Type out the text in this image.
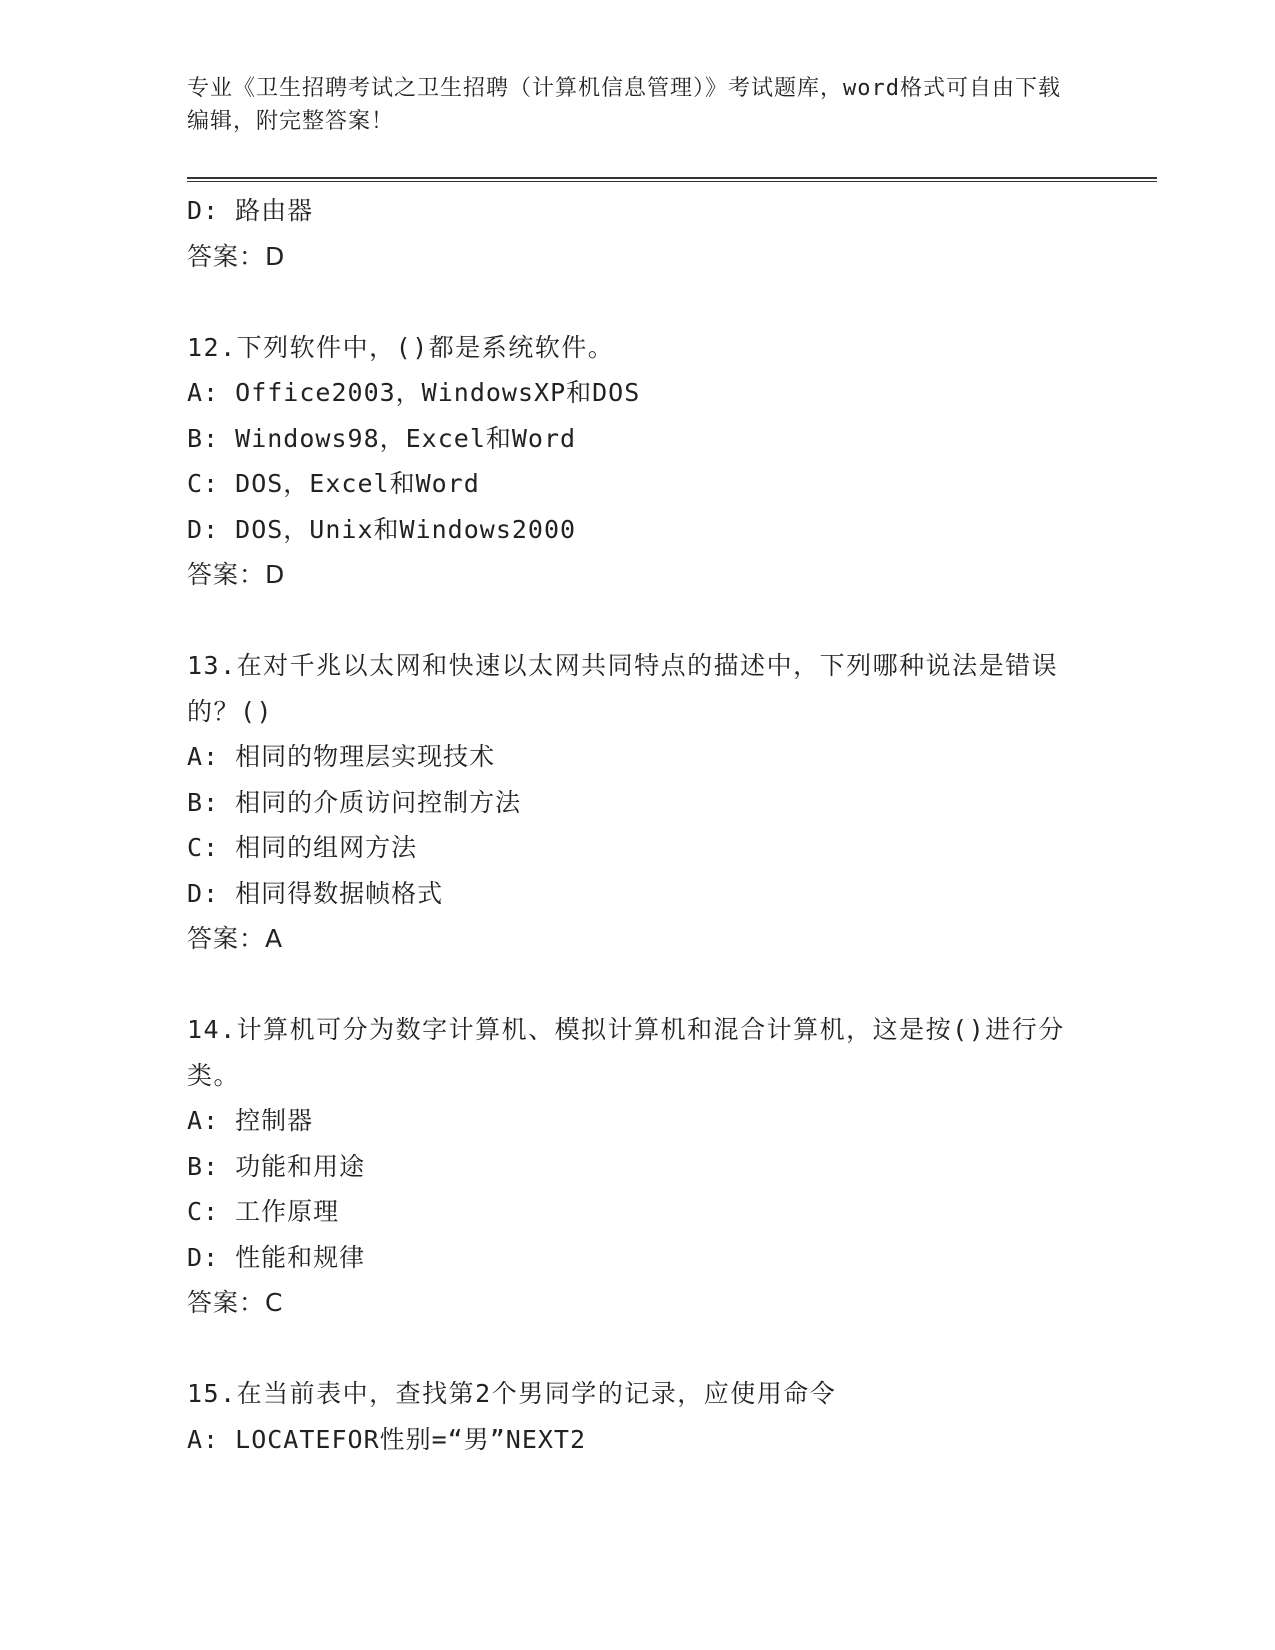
专业《卫生招聘考试之卫生招聘（计算机信息管理）》考试题库，word格式可自由下载编辑，附完整答案！
D: 路由器
答案：D
12.下列软件中，()都是系统软件。
A: Office2003，WindowsXP和DOS
B: Windows98，Excel和Word
C: DOS，Excel和Word
D: DOS，Unix和Windows2000
答案：D
13.在对千兆以太网和快速以太网共同特点的描述中，下列哪种说法是错误的？()
A: 相同的物理层实现技术
B: 相同的介质访问控制方法
C: 相同的组网方法
D: 相同得数据帧格式
答案：A
14.计算机可分为数字计算机、模拟计算机和混合计算机，这是按()进行分类。
A: 控制器
B: 功能和用途
C: 工作原理
D: 性能和规律
答案：C
15.在当前表中，查找第2个男同学的记录，应使用命令
A: LOCATEFOR性别=“男”NEXT2
